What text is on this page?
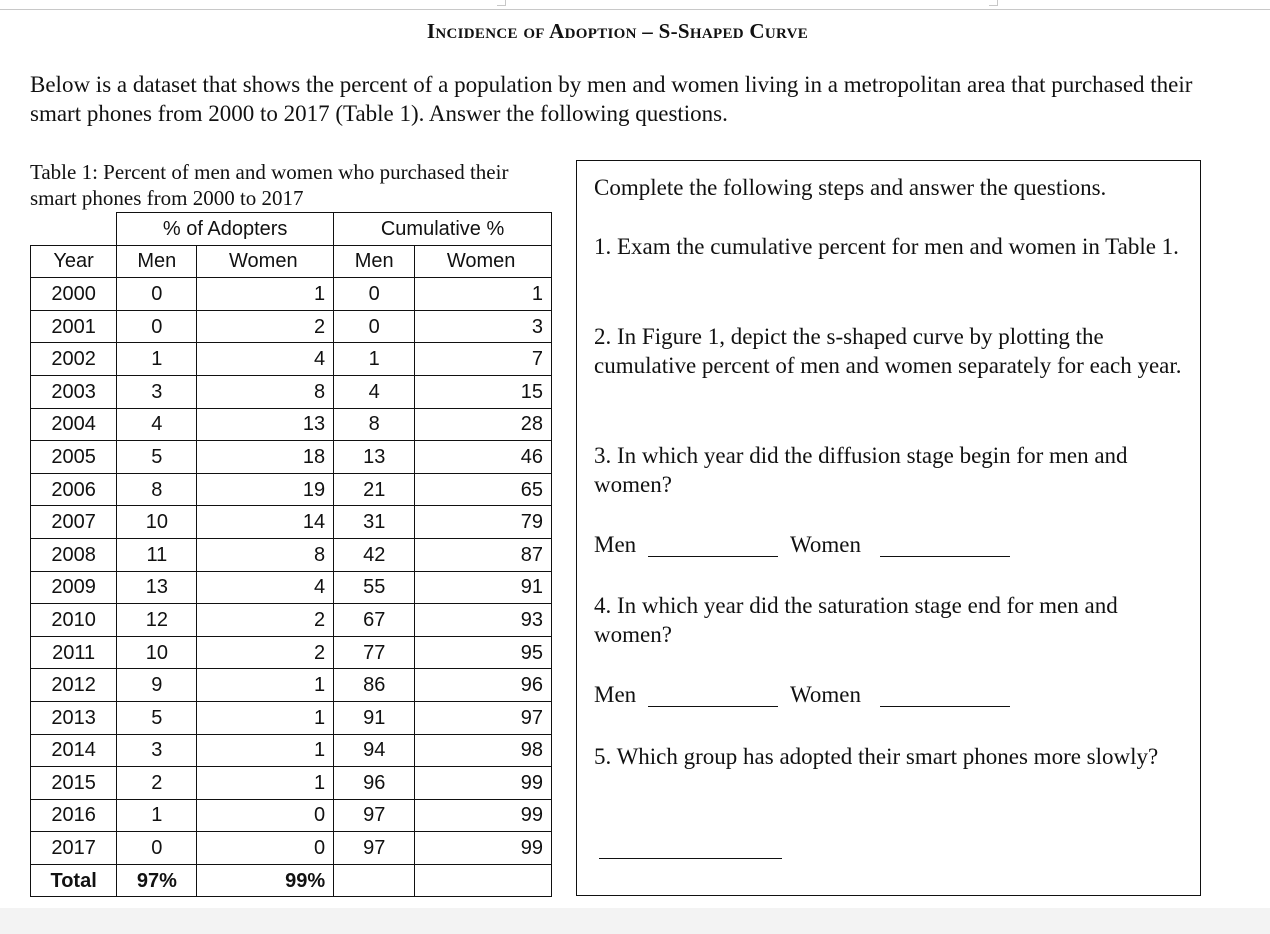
Incidence of Adoption – S-Shaped Curve
Below is a dataset that shows the percent of a population by men and women living in a metropolitan area that purchased their smart phones from 2000 to 2017 (Table 1). Answer the following questions.
Table 1: Percent of men and women who purchased their smart phones from 2000 to 2017
	% of Adopters		Cumulative %	
Year	Men	Women	Men	Women
2000	0	1	0	1
2001	0	2	0	3
2002	1	4	1	7
2003	3	8	4	15
2004	4	13	8	28
2005	5	18	13	46
2006	8	19	21	65
2007	10	14	31	79
2008	11	8	42	87
2009	13	4	55	91
2010	12	2	67	93
2011	10	2	77	95
2012	9	1	86	96
2013	5	1	91	97
2014	3	1	94	98
2015	2	1	96	99
2016	1	0	97	99
2017	0	0	97	99
Total	97%	99%		
Complete the following steps and answer the questions.
1. Exam the cumulative percent for men and women in Table 1.
2. In Figure 1, depict the s-shaped curve by plotting the cumulative percent of men and women separately for each year.
3. In which year did the diffusion stage begin for men and women?
Men	Women
4. In which year did the saturation stage end for men and women?
Men	Women
5. Which group has adopted their smart phones more slowly?
